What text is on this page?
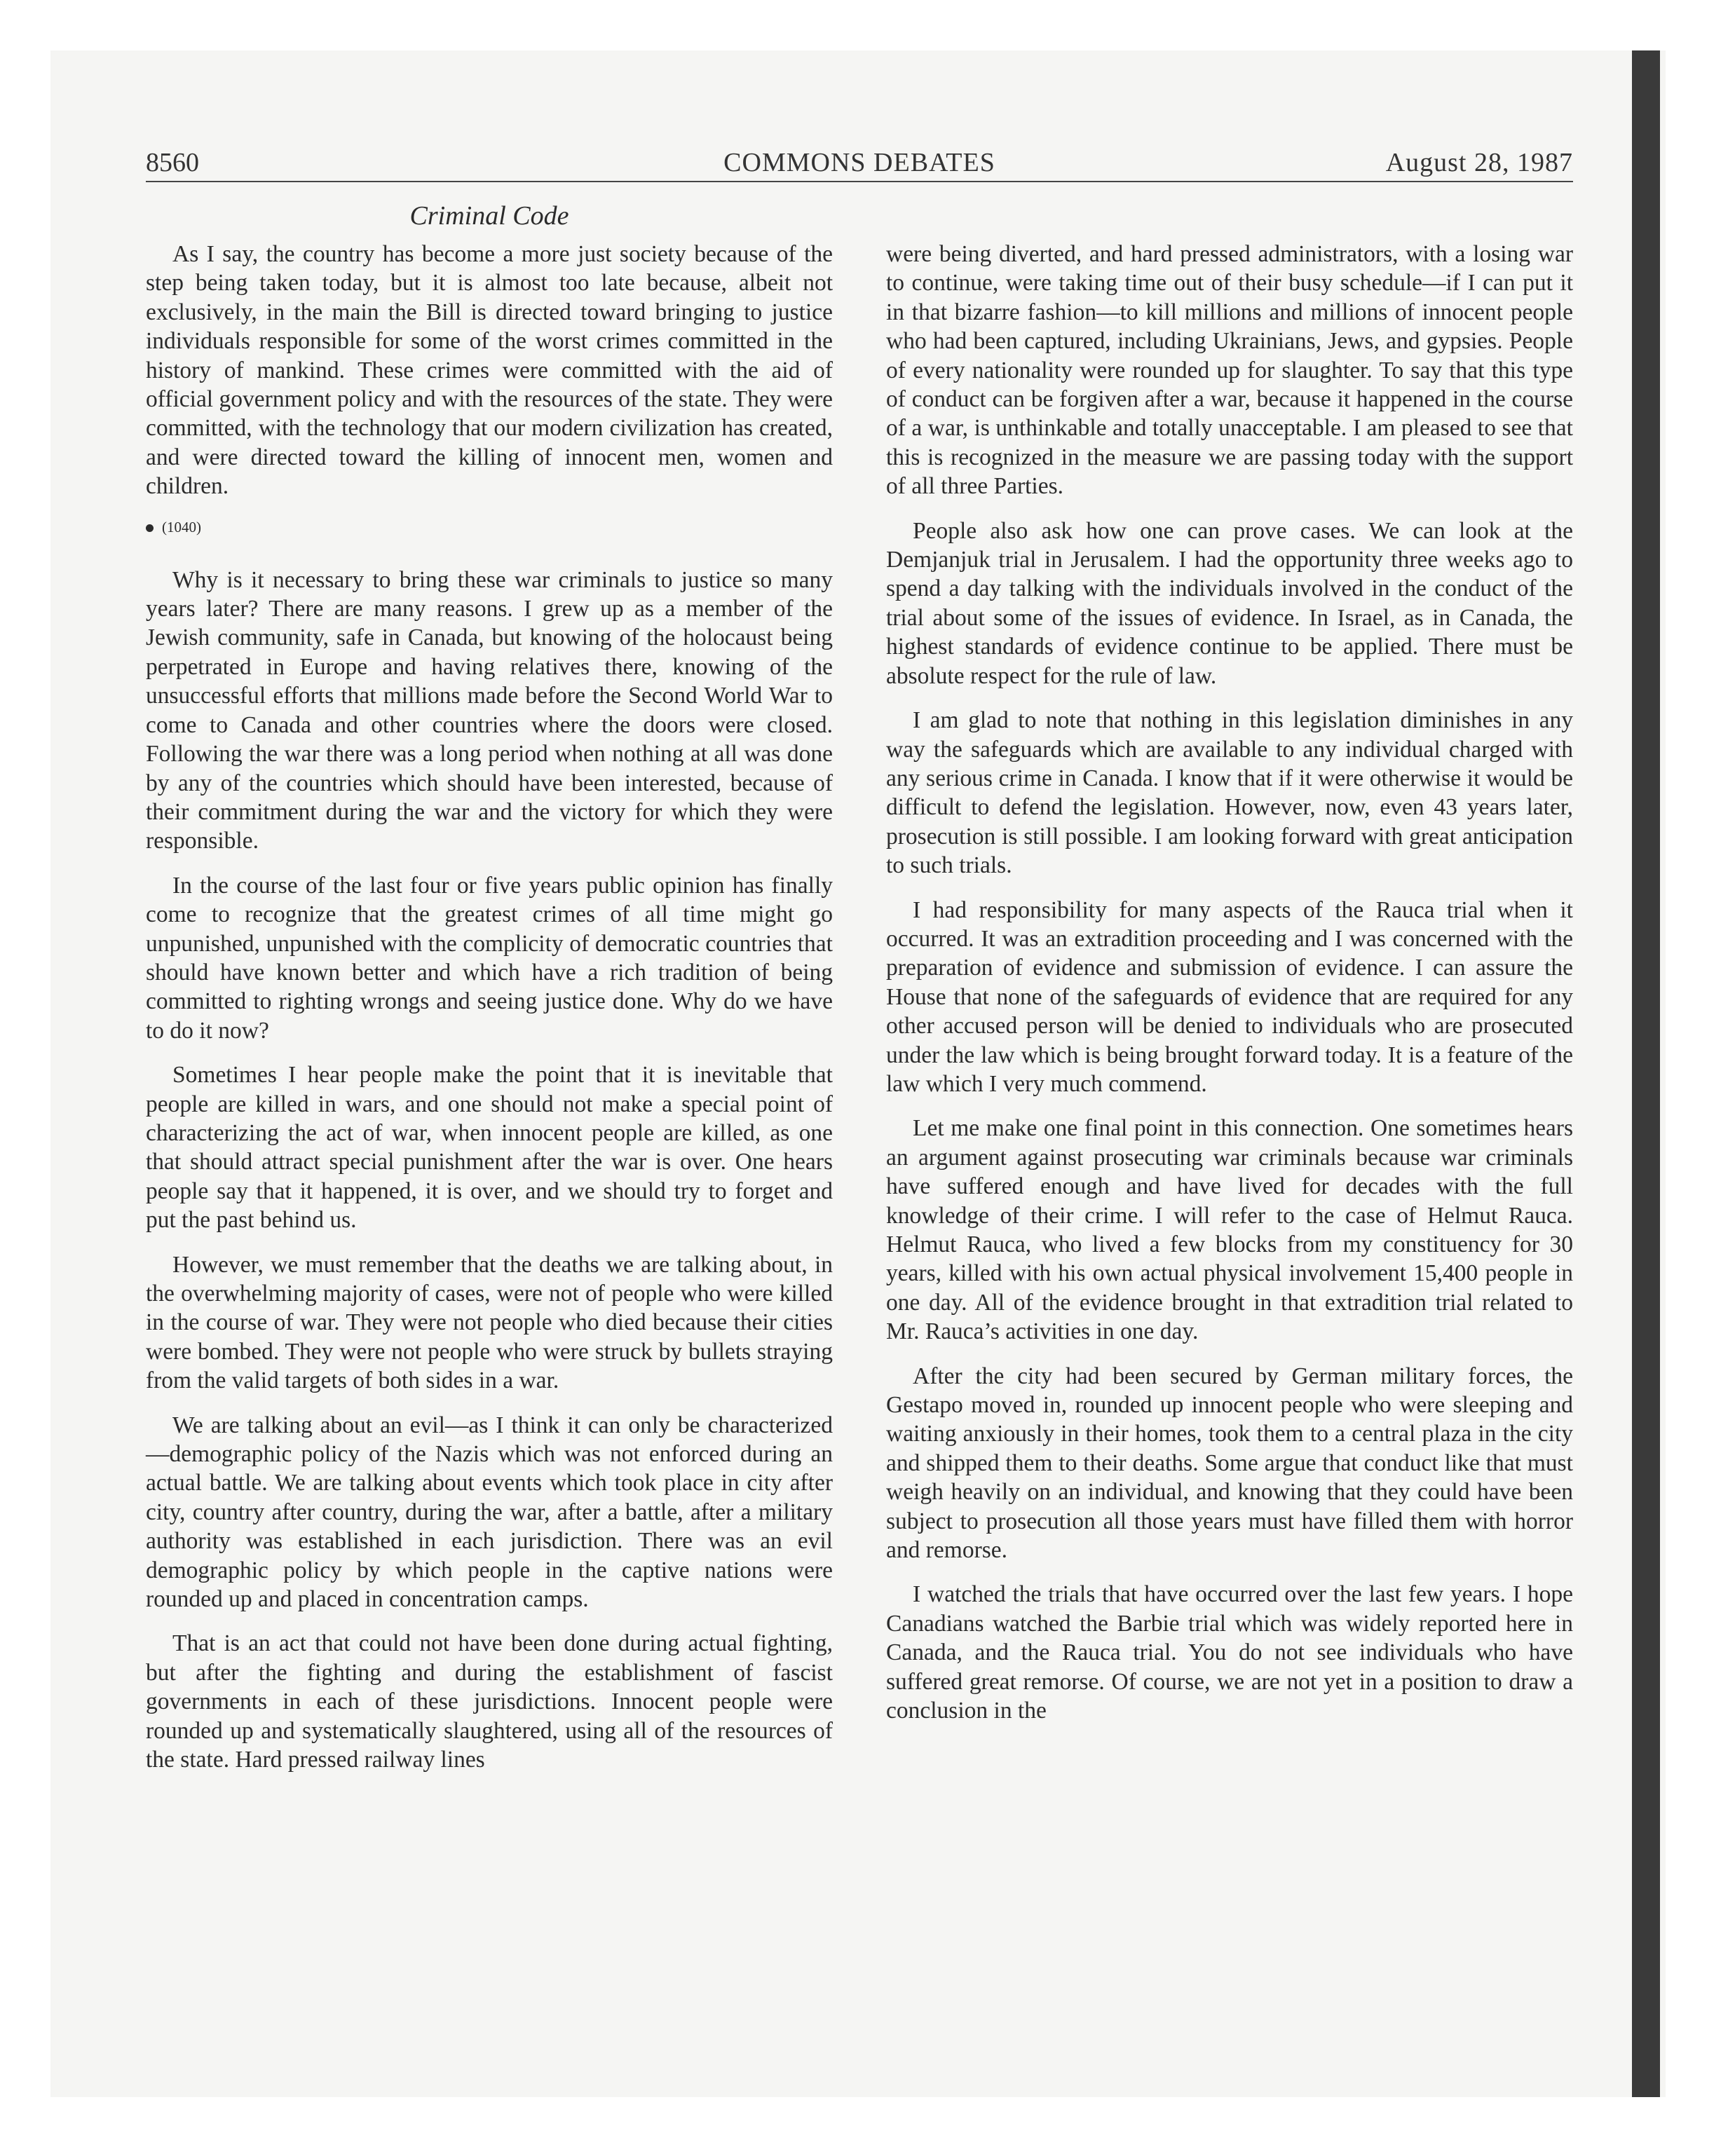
8560	COMMONS DEBATES	August 28, 1987
Criminal Code

As I say, the country has become a more just society because of the step being taken today, but it is almost too late because, albeit not exclusively, in the main the Bill is directed toward bringing to justice individuals responsible for some of the worst crimes committed in the history of mankind. These crimes were committed with the aid of official government policy and with the resources of the state. They were committed, with the technology that our modern civilization has created, and were directed toward the killing of innocent men, women and children.

(1040)

Why is it necessary to bring these war criminals to justice so many years later? There are many reasons. I grew up as a member of the Jewish community, safe in Canada, but knowing of the holocaust being perpetrated in Europe and having relatives there, knowing of the unsuccessful efforts that millions made before the Second World War to come to Canada and other countries where the doors were closed. Following the war there was a long period when nothing at all was done by any of the countries which should have been interested, because of their commitment during the war and the victory for which they were responsible.

In the course of the last four or five years public opinion has finally come to recognize that the greatest crimes of all time might go unpunished, unpunished with the complicity of democratic countries that should have known better and which have a rich tradition of being committed to righting wrongs and seeing justice done. Why do we have to do it now?

Sometimes I hear people make the point that it is inevitable that people are killed in wars, and one should not make a special point of characterizing the act of war, when innocent people are killed, as one that should attract special punishment after the war is over. One hears people say that it happened, it is over, and we should try to forget and put the past behind us.

However, we must remember that the deaths we are talking about, in the overwhelming majority of cases, were not of people who were killed in the course of war. They were not people who died because their cities were bombed. They were not people who were struck by bullets straying from the valid targets of both sides in a war.

We are talking about an evil—as I think it can only be characterized—demographic policy of the Nazis which was not enforced during an actual battle. We are talking about events which took place in city after city, country after country, during the war, after a battle, after a military authority was established in each jurisdiction. There was an evil demographic policy by which people in the captive nations were rounded up and placed in concentration camps.

That is an act that could not have been done during actual fighting, but after the fighting and during the establishment of fascist governments in each of these jurisdictions. Innocent people were rounded up and systematically slaughtered, using all of the resources of the state. Hard pressed railway lines

were being diverted, and hard pressed administrators, with a losing war to continue, were taking time out of their busy schedule—if I can put it in that bizarre fashion—to kill millions and millions of innocent people who had been captured, including Ukrainians, Jews, and gypsies. People of every nationality were rounded up for slaughter. To say that this type of conduct can be forgiven after a war, because it happened in the course of a war, is unthinkable and totally unacceptable. I am pleased to see that this is recognized in the measure we are passing today with the support of all three Parties.

People also ask how one can prove cases. We can look at the Demjanjuk trial in Jerusalem. I had the opportunity three weeks ago to spend a day talking with the individuals involved in the conduct of the trial about some of the issues of evidence. In Israel, as in Canada, the highest standards of evidence continue to be applied. There must be absolute respect for the rule of law.

I am glad to note that nothing in this legislation diminishes in any way the safeguards which are available to any individual charged with any serious crime in Canada. I know that if it were otherwise it would be difficult to defend the legislation. However, now, even 43 years later, prosecution is still possible. I am looking forward with great anticipation to such trials.

I had responsibility for many aspects of the Rauca trial when it occurred. It was an extradition proceeding and I was concerned with the preparation of evidence and submission of evidence. I can assure the House that none of the safeguards of evidence that are required for any other accused person will be denied to individuals who are prosecuted under the law which is being brought forward today. It is a feature of the law which I very much commend.

Let me make one final point in this connection. One sometimes hears an argument against prosecuting war criminals because war criminals have suffered enough and have lived for decades with the full knowledge of their crime. I will refer to the case of Helmut Rauca. Helmut Rauca, who lived a few blocks from my constituency for 30 years, killed with his own actual physical involvement 15,400 people in one day. All of the evidence brought in that extradition trial related to Mr. Rauca’s activities in one day.

After the city had been secured by German military forces, the Gestapo moved in, rounded up innocent people who were sleeping and waiting anxiously in their homes, took them to a central plaza in the city and shipped them to their deaths. Some argue that conduct like that must weigh heavily on an individual, and knowing that they could have been subject to prosecution all those years must have filled them with horror and remorse.

I watched the trials that have occurred over the last few years. I hope Canadians watched the Barbie trial which was widely reported here in Canada, and the Rauca trial. You do not see individuals who have suffered great remorse. Of course, we are not yet in a position to draw a conclusion in the
